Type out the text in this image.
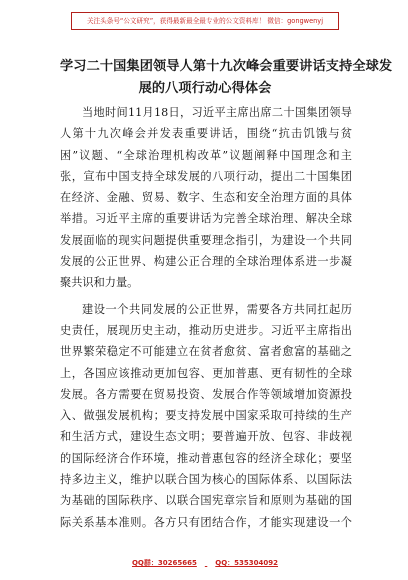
关注头条号“公文研究”，获得最新最全最专业的公文资料库！ 微信：gongwenyj
学习二十国集团领导人第十九次峰会重要讲话支持全球发
展的八项行动心得体会
当地时间11月18日，习近平主席出席二十国集团领导
人第十九次峰会并发表重要讲话，围绕“抗击饥饿与贫
困”议题、“全球治理机构改革”议题阐释中国理念和主
张，宣布中国支持全球发展的八项行动，提出二十国集团
在经济、金融、贸易、数字、生态和安全治理方面的具体
举措。习近平主席的重要讲话为完善全球治理、解决全球
发展面临的现实问题提供重要理念指引，为建设一个共同
发展的公正世界、构建公正合理的全球治理体系进一步凝
聚共识和力量。
建设一个共同发展的公正世界，需要各方共同扛起历
史责任，展现历史主动，推动历史进步。习近平主席指出
世界繁荣稳定不可能建立在贫者愈贫、富者愈富的基础之
上，各国应该推动更加包容、更加普惠、更有韧性的全球
发展。各方需要在贸易投资、发展合作等领域增加资源投
入、做强发展机构；要支持发展中国家采取可持续的生产
和生活方式，建设生态文明；要普遍开放、包容、非歧视
的国际经济合作环境，推动普惠包容的经济全球化；要坚
持多边主义，维护以联合国为核心的国际体系、以国际法
为基础的国际秩序、以联合国宪章宗旨和原则为基础的国
际关系基本准则。各方只有团结合作，才能实现建设一个
QQ群：30265665	QQ：535304092
